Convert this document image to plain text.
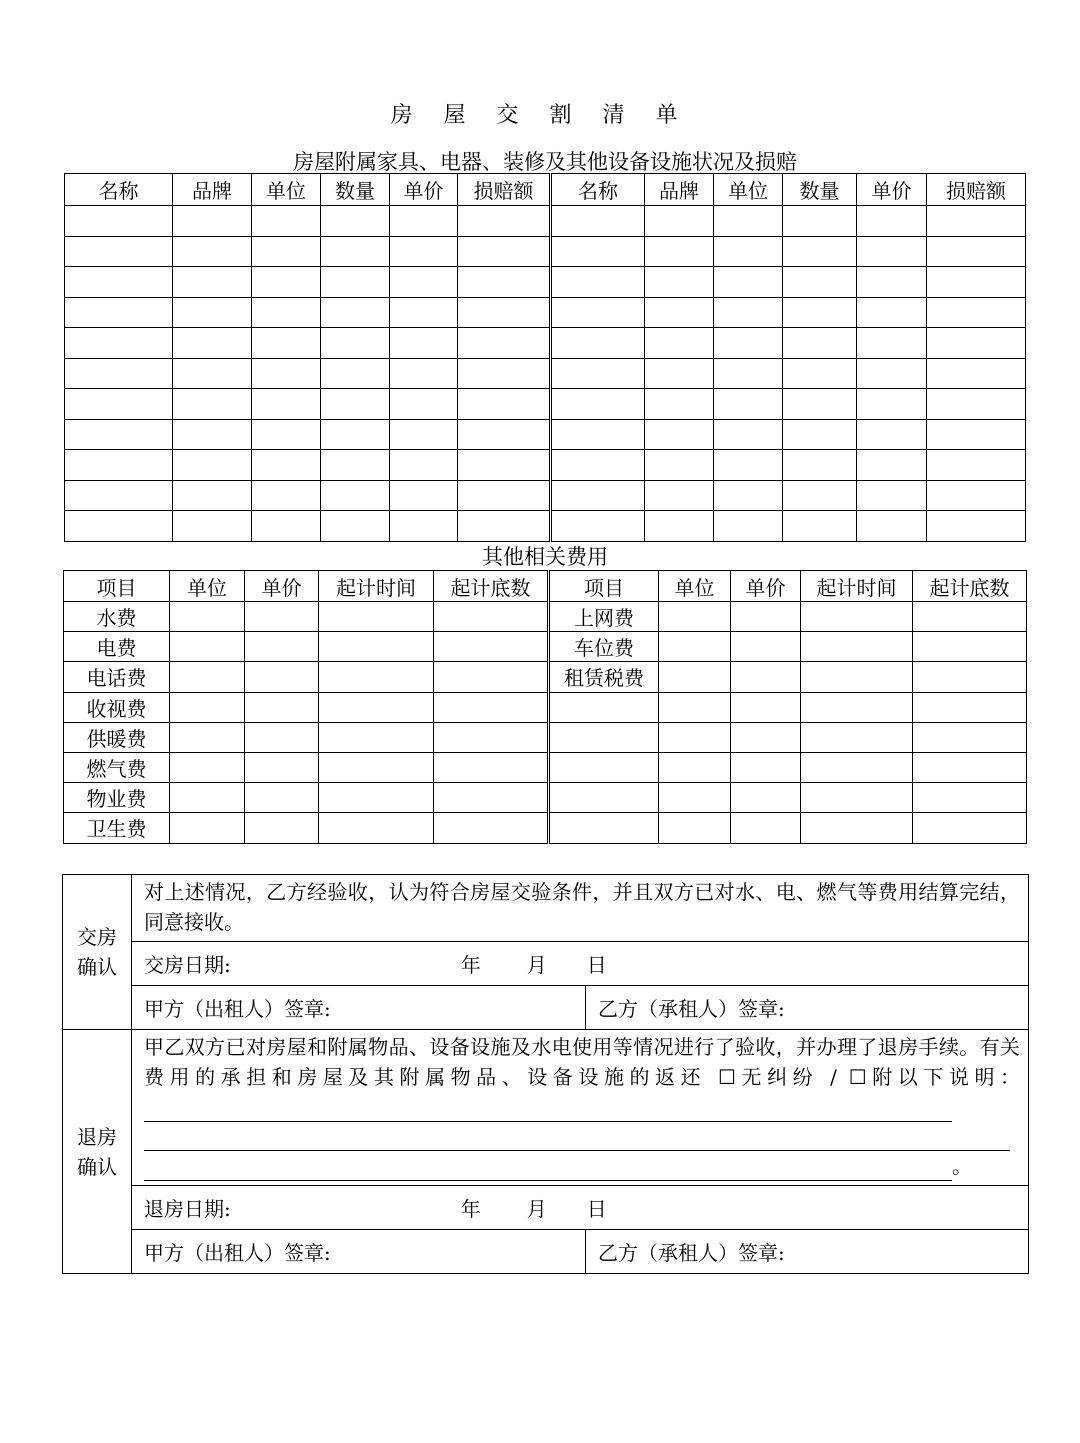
房 屋 交 割 清 单
房屋附属家具、电器、装修及其他设备设施状况及损赔
名称	品牌	单位	数量	单价	损赔额	名称	品牌	单位	数量	单价	损赔额

其他相关费用
项目	单位	单价	起计时间	起计底数	项目	单位	单价	起计时间	起计底数
水费					上网费				
电费					车位费				
电话费					租赁税费				
收视费									
供暖费									
燃气费									
物业费									
卫生费									
交房
确认	对上述情况，乙方经验收，认为符合房屋交验条件，并且双方已对水、电、燃气等费用结算完结，同意接收。	
	交房日期: 年 月 日	
	甲方（出租人）签章:	乙方（承租人）签章:
退房
确认	甲乙双方已对房屋和附属物品、设备设施及水电使用等情况进行了验收，并办理了退房手续。有关费用的承担和房屋及其附属物品、设备设施的返还 ☐无纠纷 / ☐附以下说明：
。	

	退房日期: 年 月 日	
	甲方（出租人）签章:	乙方（承租人）签章:
